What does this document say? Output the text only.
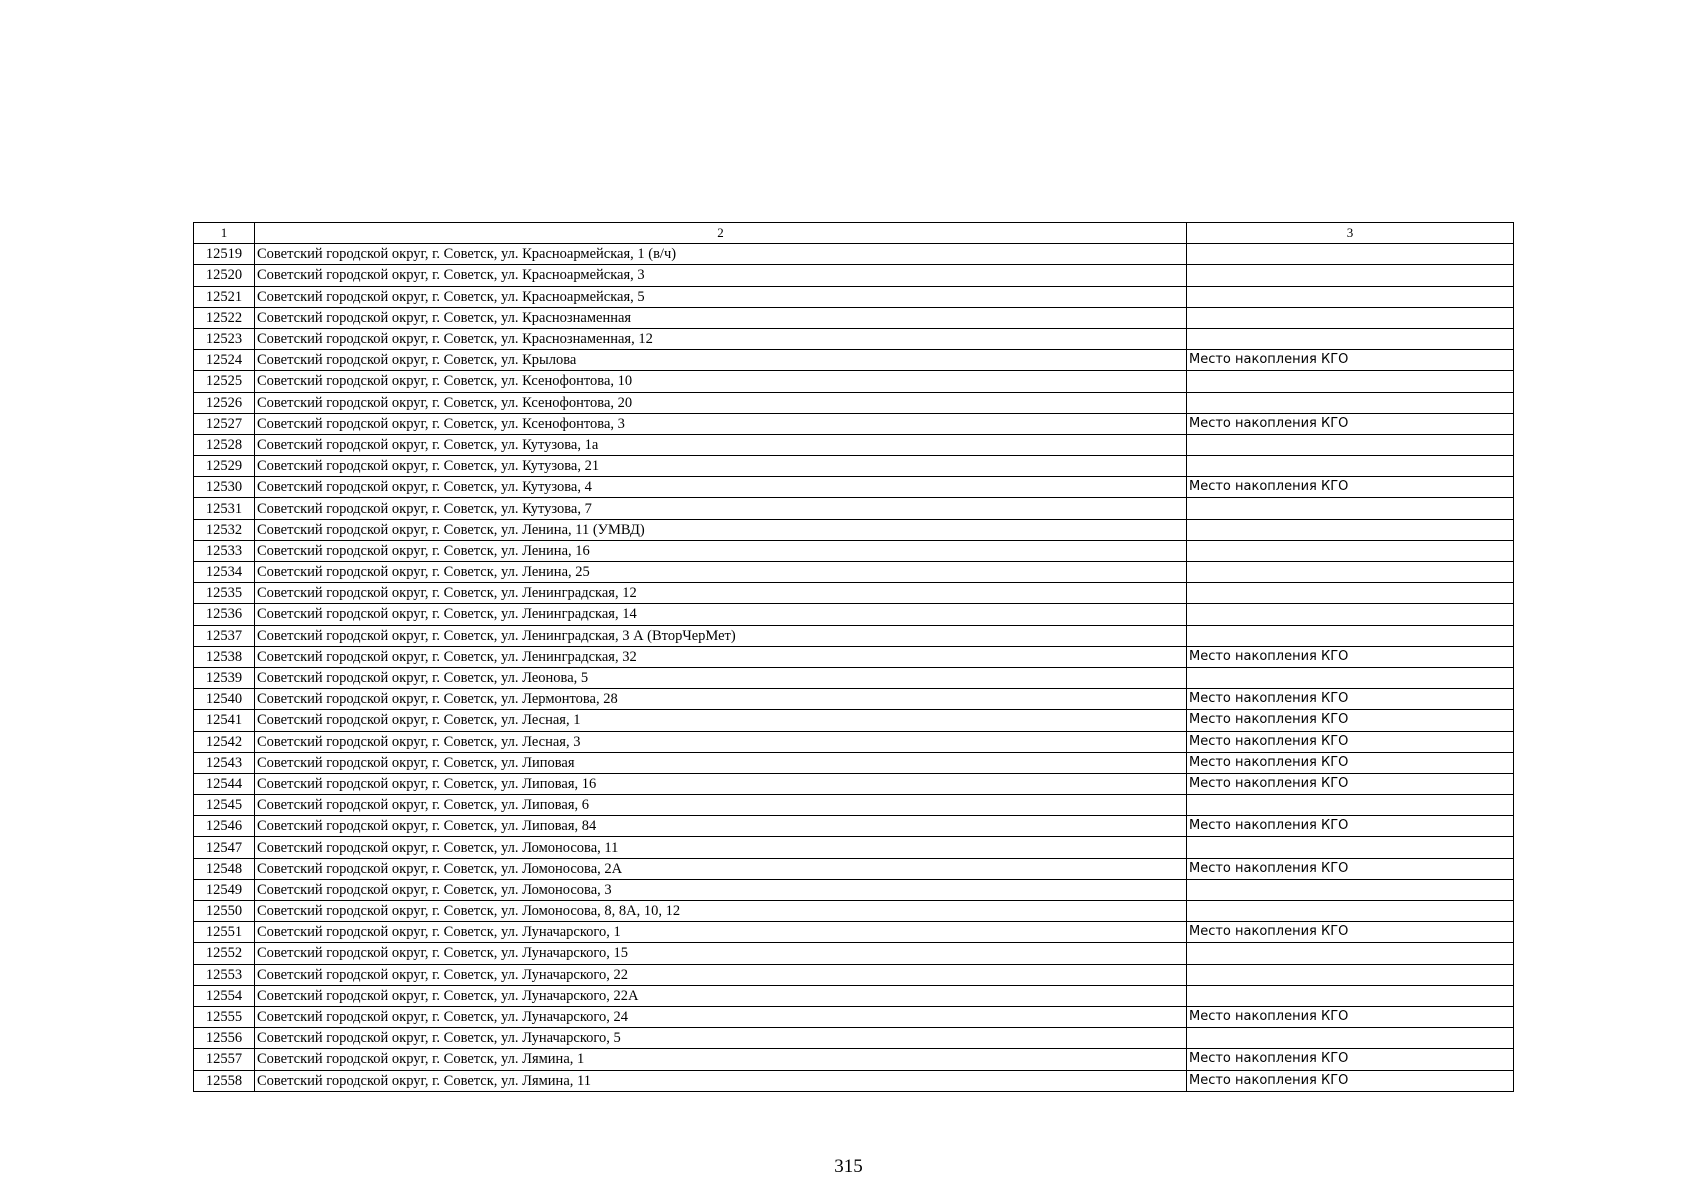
1	2	3
12519	Советский городской округ, г. Советск, ул. Красноармейская, 1 (в/ч)	
12520	Советский городской округ, г. Советск, ул. Красноармейская, 3	
12521	Советский городской округ, г. Советск, ул. Красноармейская, 5	
12522	Советский городской округ, г. Советск, ул. Краснознаменная	
12523	Советский городской округ, г. Советск, ул. Краснознаменная, 12	
12524	Советский городской округ, г. Советск, ул. Крылова	Место накопления КГО
12525	Советский городской округ, г. Советск, ул. Ксенофонтова, 10	
12526	Советский городской округ, г. Советск, ул. Ксенофонтова, 20	
12527	Советский городской округ, г. Советск, ул. Ксенофонтова, 3	Место накопления КГО
12528	Советский городской округ, г. Советск, ул. Кутузова, 1а	
12529	Советский городской округ, г. Советск, ул. Кутузова, 21	
12530	Советский городской округ, г. Советск, ул. Кутузова, 4	Место накопления КГО
12531	Советский городской округ, г. Советск, ул. Кутузова, 7	
12532	Советский городской округ, г. Советск, ул. Ленина, 11 (УМВД)	
12533	Советский городской округ, г. Советск, ул. Ленина, 16	
12534	Советский городской округ, г. Советск, ул. Ленина, 25	
12535	Советский городской округ, г. Советск, ул. Ленинградская, 12	
12536	Советский городской округ, г. Советск, ул. Ленинградская, 14	
12537	Советский городской округ, г. Советск, ул. Ленинградская, 3 А (ВторЧерМет)	
12538	Советский городской округ, г. Советск, ул. Ленинградская, 32	Место накопления КГО
12539	Советский городской округ, г. Советск, ул. Леонова, 5	
12540	Советский городской округ, г. Советск, ул. Лермонтова, 28	Место накопления КГО
12541	Советский городской округ, г. Советск, ул. Лесная, 1	Место накопления КГО
12542	Советский городской округ, г. Советск, ул. Лесная, 3	Место накопления КГО
12543	Советский городской округ, г. Советск, ул. Липовая	Место накопления КГО
12544	Советский городской округ, г. Советск, ул. Липовая, 16	Место накопления КГО
12545	Советский городской округ, г. Советск, ул. Липовая, 6	
12546	Советский городской округ, г. Советск, ул. Липовая, 84	Место накопления КГО
12547	Советский городской округ, г. Советск, ул. Ломоносова, 11	
12548	Советский городской округ, г. Советск, ул. Ломоносова, 2А	Место накопления КГО
12549	Советский городской округ, г. Советск, ул. Ломоносова, 3	
12550	Советский городской округ, г. Советск, ул. Ломоносова, 8, 8А, 10, 12	
12551	Советский городской округ, г. Советск, ул. Луначарского, 1	Место накопления КГО
12552	Советский городской округ, г. Советск, ул. Луначарского, 15	
12553	Советский городской округ, г. Советск, ул. Луначарского, 22	
12554	Советский городской округ, г. Советск, ул. Луначарского, 22А	
12555	Советский городской округ, г. Советск, ул. Луначарского, 24	Место накопления КГО
12556	Советский городской округ, г. Советск, ул. Луначарского, 5	
12557	Советский городской округ, г. Советск, ул. Лямина, 1	Место накопления КГО
12558	Советский городской округ, г. Советск, ул. Лямина, 11	Место накопления КГО
315
